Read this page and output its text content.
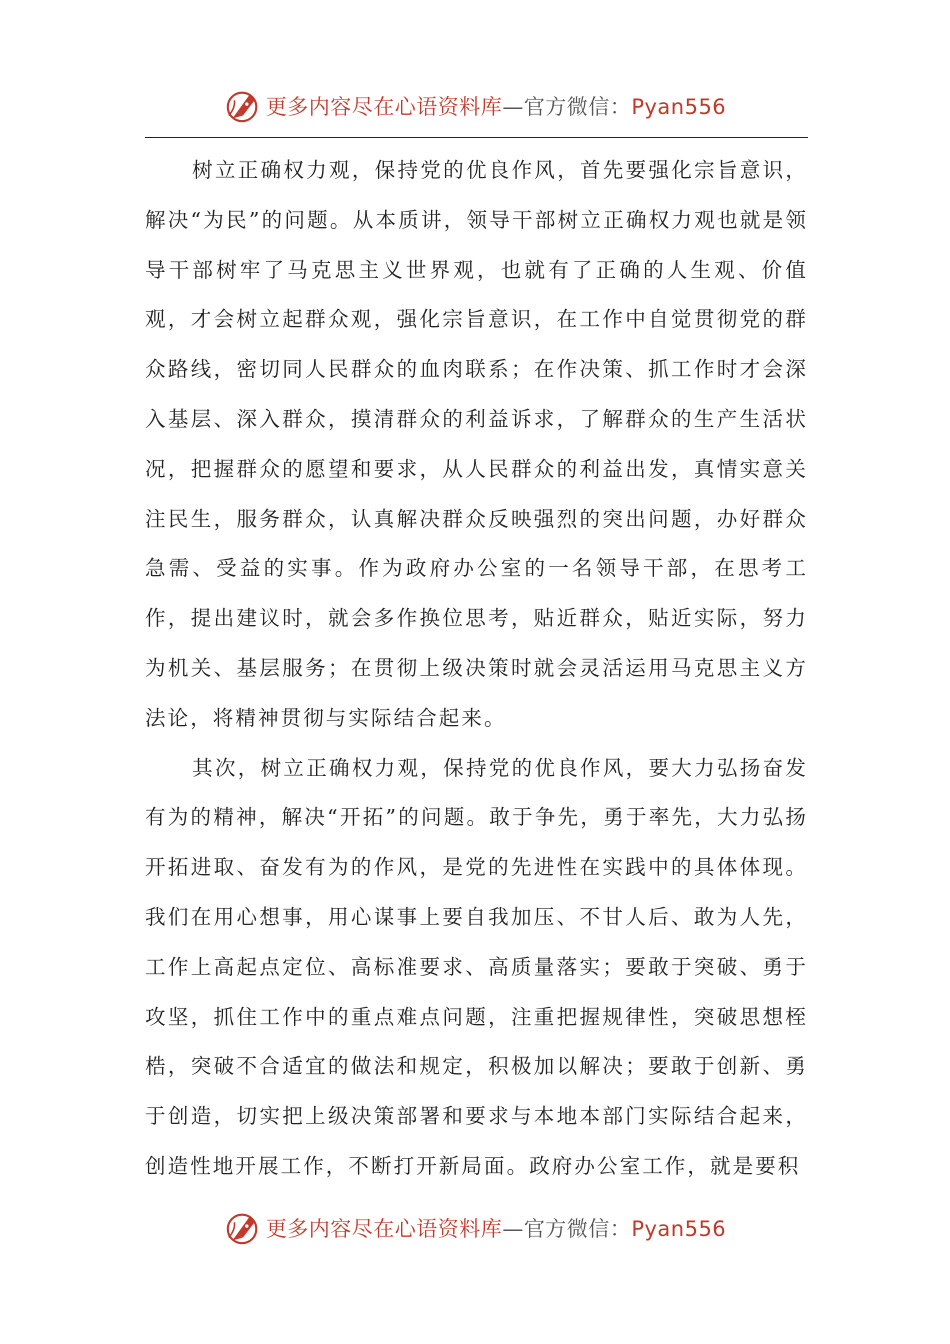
更多内容尽在心语资料库—官方微信：Pyan556

树立正确权力观，保持党的优良作风，首先要强化宗旨意识，解决“为民”的问题。从本质讲，领导干部树立正确权力观也就是领导干部树牢了马克思主义世界观，也就有了正确的人生观、价值观，才会树立起群众观，强化宗旨意识，在工作中自觉贯彻党的群众路线，密切同人民群众的血肉联系；在作决策、抓工作时才会深入基层、深入群众，摸清群众的利益诉求，了解群众的生产生活状况，把握群众的愿望和要求，从人民群众的利益出发，真情实意关注民生，服务群众，认真解决群众反映强烈的突出问题，办好群众急需、受益的实事。作为政府办公室的一名领导干部，在思考工作，提出建议时，就会多作换位思考，贴近群众，贴近实际，努力为机关、基层服务；在贯彻上级决策时就会灵活运用马克思主义方法论，将精神贯彻与实际结合起来。

其次，树立正确权力观，保持党的优良作风，要大力弘扬奋发有为的精神，解决“开拓”的问题。敢于争先，勇于率先，大力弘扬开拓进取、奋发有为的作风，是党的先进性在实践中的具体体现。我们在用心想事，用心谋事上要自我加压、不甘人后、敢为人先，工作上高起点定位、高标准要求、高质量落实；要敢于突破、勇于攻坚，抓住工作中的重点难点问题，注重把握规律性，突破思想桎梏，突破不合适宜的做法和规定，积极加以解决；要敢于创新、勇于创造，切实把上级决策部署和要求与本地本部门实际结合起来，创造性地开展工作，不断打开新局面。政府办公室工作，就是要积

更多内容尽在心语资料库—官方微信：Pyan556
